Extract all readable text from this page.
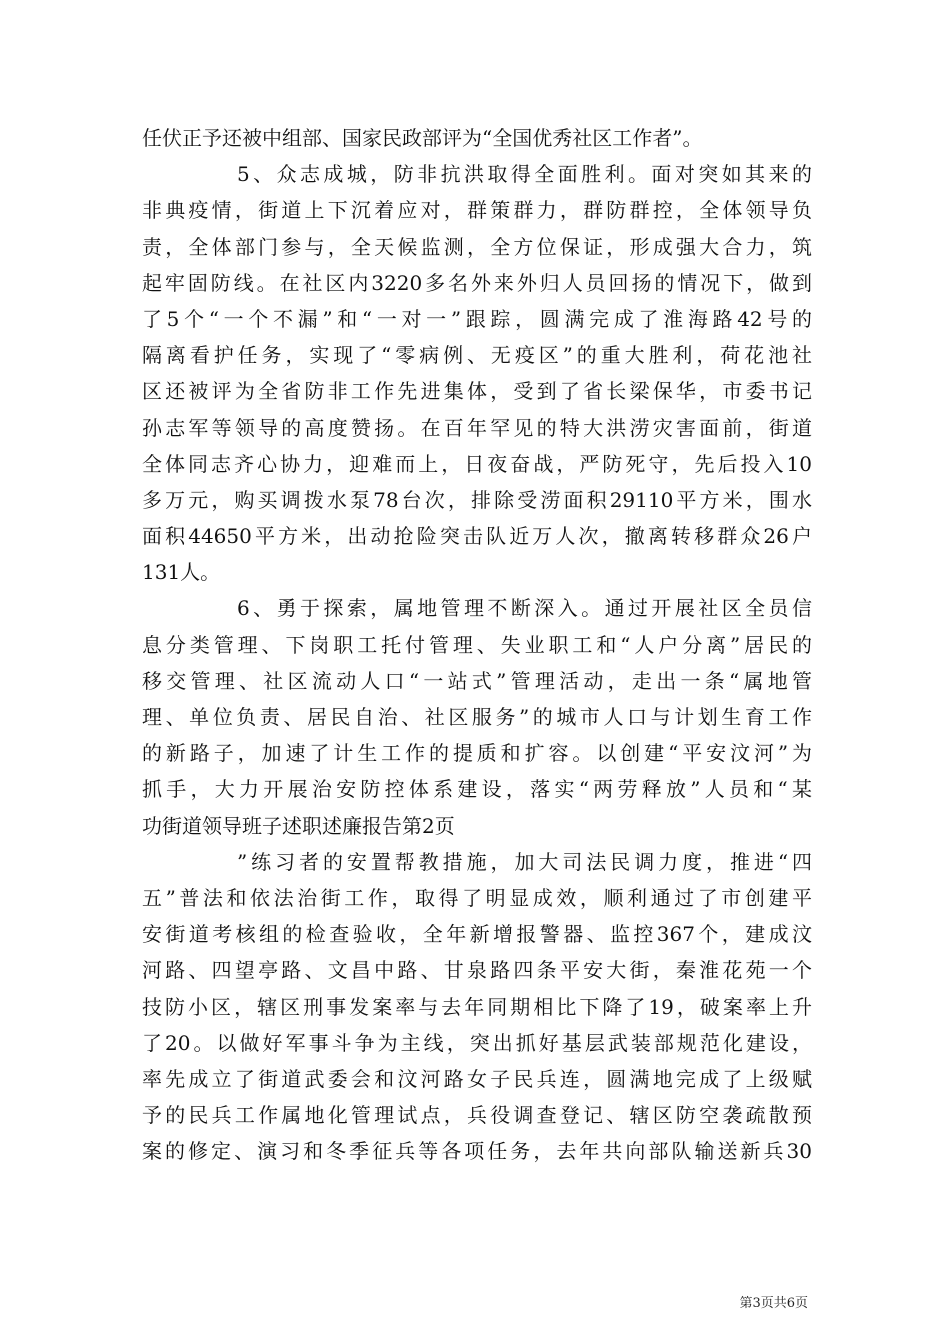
任伏正予还被中组部、国家民政部评为“全国优秀社区工作者”。
5、众志成城，防非抗洪取得全面胜利。面对突如其来的
非典疫情，街道上下沉着应对，群策群力，群防群控，全体领导负
责，全体部门参与，全天候监测，全方位保证，形成强大合力，筑
起牢固防线。在社区内3220多名外来外归人员回扬的情况下，做到
了5个“一个不漏”和“一对一”跟踪，圆满完成了淮海路42号的
隔离看护任务，实现了“零病例、无疫区”的重大胜利，荷花池社
区还被评为全省防非工作先进集体，受到了省长梁保华，市委书记
孙志军等领导的高度赞扬。在百年罕见的特大洪涝灾害面前，街道
全体同志齐心协力，迎难而上，日夜奋战，严防死守，先后投入10
多万元，购买调拨水泵78台次，排除受涝面积29110平方米，围水
面积44650平方米，出动抢险突击队近万人次，撤离转移群众26户
131人。
6、勇于探索，属地管理不断深入。通过开展社区全员信
息分类管理、下岗职工托付管理、失业职工和“人户分离”居民的
移交管理、社区流动人口“一站式”管理活动，走出一条“属地管
理、单位负责、居民自治、社区服务”的城市人口与计划生育工作
的新路子，加速了计生工作的提质和扩容。以创建“平安汶河”为
抓手，大力开展治安防控体系建设，落实“两劳释放”人员和“某
功街道领导班子述职述廉报告第2页
”练习者的安置帮教措施，加大司法民调力度，推进“四
五”普法和依法治街工作，取得了明显成效，顺利通过了市创建平
安街道考核组的检查验收，全年新增报警器、监控367个，建成汶
河路、四望亭路、文昌中路、甘泉路四条平安大街，秦淮花苑一个
技防小区，辖区刑事发案率与去年同期相比下降了19，破案率上升
了20。以做好军事斗争为主线，突出抓好基层武装部规范化建设，
率先成立了街道武委会和汶河路女子民兵连，圆满地完成了上级赋
予的民兵工作属地化管理试点，兵役调查登记、辖区防空袭疏散预
案的修定、演习和冬季征兵等各项任务，去年共向部队输送新兵30
第3页共6页
